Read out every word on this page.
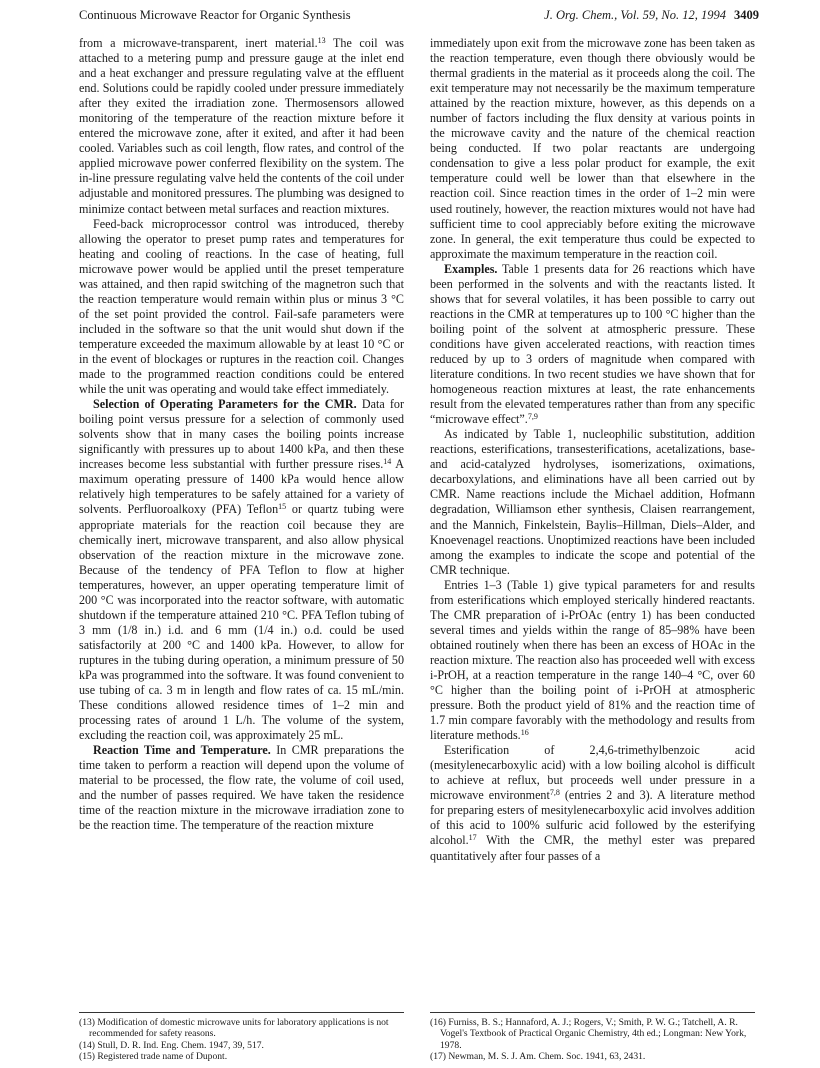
Continuous Microwave Reactor for Organic Synthesis	J. Org. Chem., Vol. 59, No. 12, 1994 3409

from a microwave-transparent, inert material.$^{13}$ The coil was attached to a metering pump and pressure gauge at the inlet end and a heat exchanger and pressure regulating valve at the effluent end. Solutions could be rapidly cooled under pressure immediately after they exited the irradiation zone. Thermosensors allowed monitoring of the temperature of the reaction mixture before it entered the microwave zone, after it exited, and after it had been cooled. Variables such as coil length, flow rates, and control of the applied microwave power conferred flexibility on the system. The in-line pressure regulating valve held the contents of the coil under adjustable and monitored pressures. The plumbing was designed to minimize contact between metal surfaces and reaction mixtures.

Feed-back microprocessor control was introduced, thereby allowing the operator to preset pump rates and temperatures for heating and cooling of reactions. In the case of heating, full microwave power would be applied until the preset temperature was attained, and then rapid switching of the magnetron such that the reaction temperature would remain within plus or minus 3 °C of the set point provided the control. Fail-safe parameters were included in the software so that the unit would shut down if the temperature exceeded the maximum allowable by at least 10 °C or in the event of blockages or ruptures in the reaction coil. Changes made to the programmed reaction conditions could be entered while the unit was operating and would take effect immediately.

Selection of Operating Parameters for the CMR. Data for boiling point versus pressure for a selection of commonly used solvents show that in many cases the boiling points increase significantly with pressures up to about 1400 kPa, and then these increases become less substantial with further pressure rises.$^{14}$ A maximum operating pressure of 1400 kPa would hence allow relatively high temperatures to be safely attained for a variety of solvents. Perfluoroalkoxy (PFA) Teflon$^{15}$ or quartz tubing were appropriate materials for the reaction coil because they are chemically inert, microwave transparent, and also allow physical observation of the reaction mixture in the microwave zone. Because of the tendency of PFA Teflon to flow at higher temperatures, however, an upper operating temperature limit of 200 °C was incorporated into the reactor software, with automatic shutdown if the temperature attained 210 °C. PFA Teflon tubing of 3 mm (1/8 in.) i.d. and 6 mm (1/4 in.) o.d. could be used satisfactorily at 200 °C and 1400 kPa. However, to allow for ruptures in the tubing during operation, a minimum pressure of 50 kPa was programmed into the software. It was found convenient to use tubing of ca. 3 m in length and flow rates of ca. 15 mL/min. These conditions allowed residence times of 1–2 min and processing rates of around 1 L/h. The volume of the system, excluding the reaction coil, was approximately 25 mL.

Reaction Time and Temperature. In CMR preparations the time taken to perform a reaction will depend upon the volume of material to be processed, the flow rate, the volume of coil used, and the number of passes required. We have taken the residence time of the reaction mixture in the microwave irradiation zone to be the reaction time. The temperature of the reaction mixture

immediately upon exit from the microwave zone has been taken as the reaction temperature, even though there obviously would be thermal gradients in the material as it proceeds along the coil. The exit temperature may not necessarily be the maximum temperature attained by the reaction mixture, however, as this depends on a number of factors including the flux density at various points in the microwave cavity and the nature of the chemical reaction being conducted. If two polar reactants are undergoing condensation to give a less polar product for example, the exit temperature could well be lower than that elsewhere in the reaction coil. Since reaction times in the order of 1–2 min were used routinely, however, the reaction mixtures would not have had sufficient time to cool appreciably before exiting the microwave zone. In general, the exit temperature thus could be expected to approximate the maximum temperature in the reaction coil.

Examples. Table 1 presents data for 26 reactions which have been performed in the solvents and with the reactants listed. It shows that for several volatiles, it has been possible to carry out reactions in the CMR at temperatures up to 100 °C higher than the boiling point of the solvent at atmospheric pressure. These conditions have given accelerated reactions, with reaction times reduced by up to 3 orders of magnitude when compared with literature conditions. In two recent studies we have shown that for homogeneous reaction mixtures at least, the rate enhancements result from the elevated temperatures rather than from any specific “microwave effect”.$^{7,9}$

As indicated by Table 1, nucleophilic substitution, addition reactions, esterifications, transesterifications, acetalizations, base- and acid-catalyzed hydrolyses, isomerizations, oximations, decarboxylations, and eliminations have all been carried out by CMR. Name reactions include the Michael addition, Hofmann degradation, Williamson ether synthesis, Claisen rearrangement, and the Mannich, Finkelstein, Baylis–Hillman, Diels–Alder, and Knoevenagel reactions. Unoptimized reactions have been included among the examples to indicate the scope and potential of the CMR technique.

Entries 1–3 (Table 1) give typical parameters for and results from esterifications which employed sterically hindered reactants. The CMR preparation of i-PrOAc (entry 1) has been conducted several times and yields within the range of 85–98% have been obtained routinely when there has been an excess of HOAc in the reaction mixture. The reaction also has proceeded well with excess i-PrOH, at a reaction temperature in the range 140–4 °C, over 60 °C higher than the boiling point of i-PrOH at atmospheric pressure. Both the product yield of 81% and the reaction time of 1.7 min compare favorably with the methodology and results from literature methods.$^{16}$

Esterification of 2,4,6-trimethylbenzoic acid (mesitylenecarboxylic acid) with a low boiling alcohol is difficult to achieve at reflux, but proceeds well under pressure in a microwave environment$^{7,8}$ (entries 2 and 3). A literature method for preparing esters of mesitylenecarboxylic acid involves addition of this acid to 100% sulfuric acid followed by the esterifying alcohol.$^{17}$ With the CMR, the methyl ester was prepared quantitatively after four passes of a

(13) Modification of domestic microwave units for laboratory applications is not recommended for safety reasons.
(14) Stull, D. R. Ind. Eng. Chem. 1947, 39, 517.
(15) Registered trade name of Dupont.
(16) Furniss, B. S.; Hannaford, A. J.; Rogers, V.; Smith, P. W. G.; Tatchell, A. R. Vogel's Textbook of Practical Organic Chemistry, 4th ed.; Longman: New York, 1978.
(17) Newman, M. S. J. Am. Chem. Soc. 1941, 63, 2431.
